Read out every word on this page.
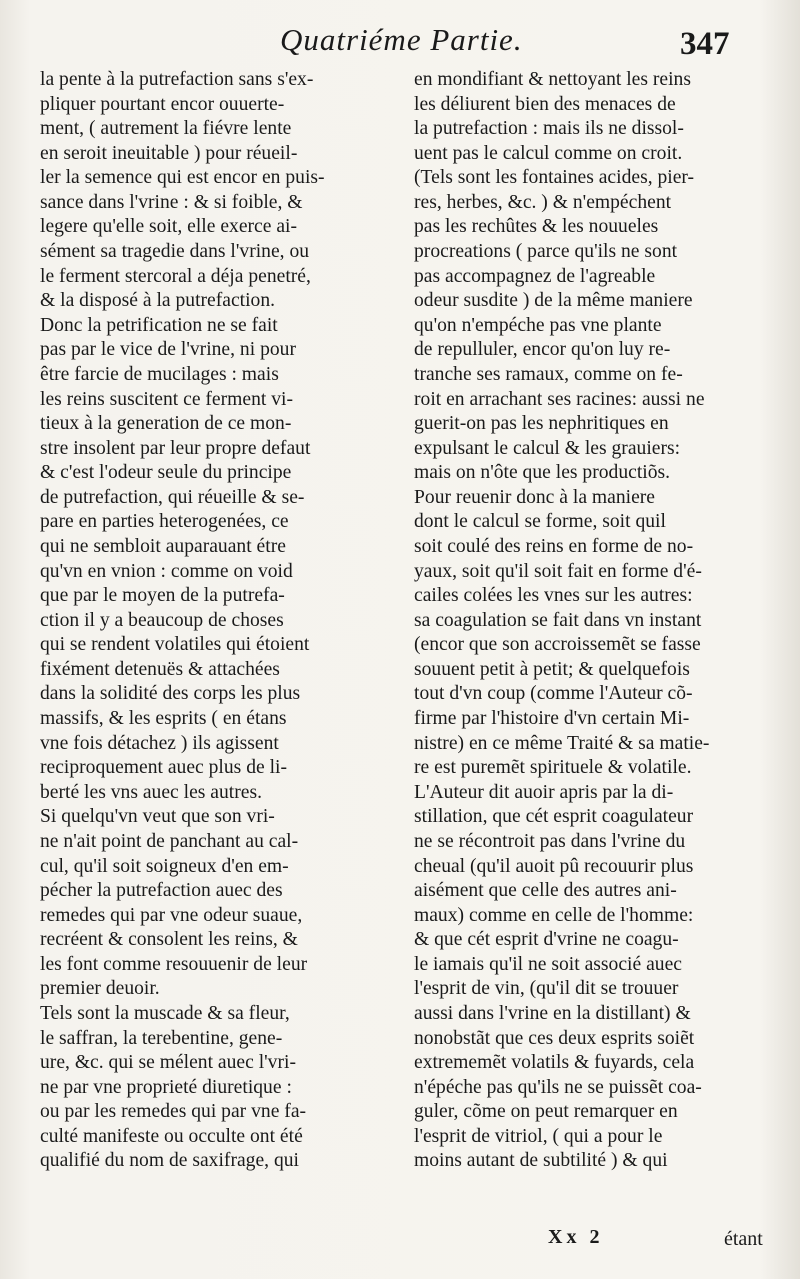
Quatriéme Partie.	347
la pente à la putrefaction sans s'ex-
pliquer pourtant encor ouuerte-
ment, ( autrement la fiévre lente
en seroit ineuitable ) pour réueil-
ler la semence qui est encor en puis-
sance dans l'vrine : & si foible, &
legere qu'elle soit, elle exerce ai-
sément sa tragedie dans l'vrine, ou
le ferment stercoral a déja penetré,
& la disposé à la putrefaction.
Donc la petrification ne se fait
pas par le vice de l'vrine, ni pour
être farcie de mucilages : mais
les reins suscitent ce ferment vi-
tieux à la generation de ce mon-
stre insolent par leur propre defaut
& c'est l'odeur seule du principe
de putrefaction, qui réueille & se-
pare en parties heterogenées, ce
qui ne sembloit auparauant étre
qu'vn en vnion : comme on void
que par le moyen de la putrefa-
ction il y a beaucoup de choses
qui se rendent volatiles qui étoient
fixément detenuës & attachées
dans la solidité des corps les plus
massifs, & les esprits ( en étans
vne fois détachez ) ils agissent
reciproquement auec plus de li-
berté les vns auec les autres.
Si quelqu'vn veut que son vri-
ne n'ait point de panchant au cal-
cul, qu'il soit soigneux d'en em-
pécher la putrefaction auec des
remedes qui par vne odeur suaue,
recréent & consolent les reins, &
les font comme resouuenir de leur
premier deuoir.
Tels sont la muscade & sa fleur,
le saffran, la terebentine, gene-
ure, &c. qui se mélent auec l'vri-
ne par vne proprieté diuretique :
ou par les remedes qui par vne fa-
culté manifeste ou occulte ont été
qualifié du nom de saxifrage, qui
en mondifiant & nettoyant les reins
les déliurent bien des menaces de
la putrefaction : mais ils ne dissol-
uent pas le calcul comme on croit.
(Tels sont les fontaines acides, pier-
res, herbes, &c. ) & n'empéchent
pas les rechûtes & les nouueles
procreations ( parce qu'ils ne sont
pas accompagnez de l'agreable
odeur susdite ) de la même maniere
qu'on n'empéche pas vne plante
de repulluler, encor qu'on luy re-
tranche ses ramaux, comme on fe-
roit en arrachant ses racines: aussi ne
guerit-on pas les nephritiques en
expulsant le calcul & les grauiers:
mais on n'ôte que les productiõs.
Pour reuenir donc à la maniere
dont le calcul se forme, soit quil
soit coulé des reins en forme de no-
yaux, soit qu'il soit fait en forme d'é-
cailes colées les vnes sur les autres:
sa coagulation se fait dans vn instant
(encor que son accroissemẽt se fasse
souuent petit à petit; & quelquefois
tout d'vn coup (comme l'Auteur cõ-
firme par l'histoire d'vn certain Mi-
nistre) en ce même Traité & sa matie-
re est puremẽt spirituele & volatile.
L'Auteur dit auoir apris par la di-
stillation, que cét esprit coagulateur
ne se récontroit pas dans l'vrine du
cheual (qu'il auoit pû recouurir plus
aisément que celle des autres ani-
maux) comme en celle de l'homme:
& que cét esprit d'vrine ne coagu-
le iamais qu'il ne soit associé auec
l'esprit de vin, (qu'il dit se trouuer
aussi dans l'vrine en la distillant) &
nonobstãt que ces deux esprits soiẽt
extrememẽt volatils & fuyards, cela
n'épéche pas qu'ils ne se puissẽt coa-
guler, cõme on peut remarquer en
l'esprit de vitriol, ( qui a pour le
moins autant de subtilité ) & qui
Xx 2	étant
